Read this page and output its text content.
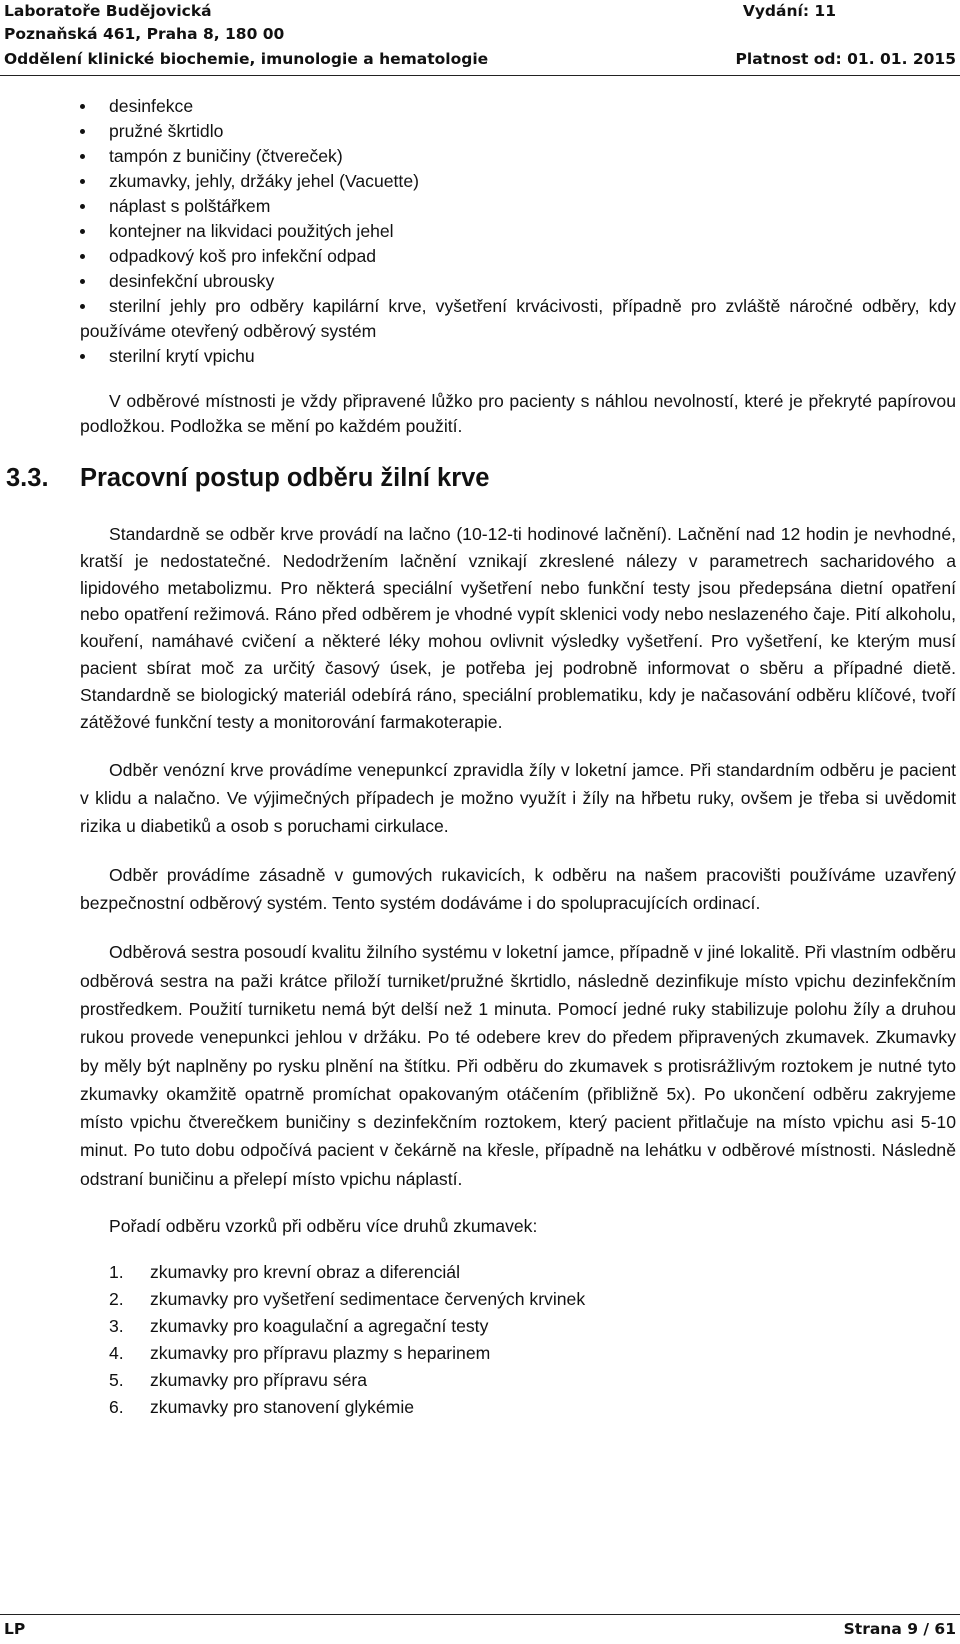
Laboratoře Budějovická	Vydání: 11
Poznaňská 461, Praha 8, 180 00
Oddělení klinické biochemie, imunologie a hematologie	Platnost od: 01. 01. 2015
desinfekce
pružné škrtidlo
tampón z buničiny (čtvereček)
zkumavky, jehly, držáky jehel (Vacuette)
náplast s polštářkem
kontejner na likvidaci použitých jehel
odpadkový koš pro infekční odpad
desinfekční ubrousky
sterilní jehly pro odběry kapilární krve, vyšetření krvácivosti, případně pro zvláště náročné odběry, kdy používáme otevřený odběrový systém
sterilní krytí vpichu

V odběrové místnosti je vždy připravené lůžko pro pacienty s náhlou nevolností, které je překryté papírovou podložkou. Podložka se mění po každém použití.

3.3. Pracovní postup odběru žilní krve

Standardně se odběr krve provádí na lačno (10-12-ti hodinové lačnění). Lačnění nad 12 hodin je nevhodné, kratší je nedostatečné. Nedodržením lačnění vznikají zkreslené nálezy v parametrech sacharidového a lipidového metabolizmu. Pro některá speciální vyšetření nebo funkční testy jsou předepsána dietní opatření nebo opatření režimová. Ráno před odběrem je vhodné vypít sklenici vody nebo neslazeného čaje. Pití alkoholu, kouření, namáhavé cvičení a některé léky mohou ovlivnit výsledky vyšetření. Pro vyšetření, ke kterým musí pacient sbírat moč za určitý časový úsek, je potřeba jej podrobně informovat o sběru a případné dietě. Standardně se biologický materiál odebírá ráno, speciální problematiku, kdy je načasování odběru klíčové, tvoří zátěžové funkční testy a monitorování farmakoterapie.

Odběr venózní krve provádíme venepunkcí zpravidla žíly v loketní jamce. Při standardním odběru je pacient v klidu a nalačno. Ve výjimečných případech je možno využít i žíly na hřbetu ruky, ovšem je třeba si uvědomit rizika u diabetiků a osob s poruchami cirkulace.

Odběr provádíme zásadně v gumových rukavicích, k odběru na našem pracovišti používáme uzavřený bezpečnostní odběrový systém. Tento systém dodáváme i do spolupracujících ordinací.

Odběrová sestra posoudí kvalitu žilního systému v loketní jamce, případně v jiné lokalitě. Při vlastním odběru odběrová sestra na paži krátce přiloží turniket/pružné škrtidlo, následně dezinfikuje místo vpichu dezinfekčním prostředkem. Použití turniketu nemá být delší než 1 minuta. Pomocí jedné ruky stabilizuje polohu žíly a druhou rukou provede venepunkci jehlou v držáku. Po té odebere krev do předem připravených zkumavek. Zkumavky by měly být naplněny po rysku plnění na štítku. Při odběru do zkumavek s protisrážlivým roztokem je nutné tyto zkumavky okamžitě opatrně promíchat opakovaným otáčením (přibližně 5x). Po ukončení odběru zakryjeme místo vpichu čtverečkem buničiny s dezinfekčním roztokem, který pacient přitlačuje na místo vpichu asi 5-10 minut. Po tuto dobu odpočívá pacient v čekárně na křesle, případně na lehátku v odběrové místnosti. Následně odstraní buničinu a přelepí místo vpichu náplastí.

Pořadí odběru vzorků při odběru více druhů zkumavek:

1. zkumavky pro krevní obraz a diferenciál
2. zkumavky pro vyšetření sedimentace červených krvinek
3. zkumavky pro koagulační a agregační testy
4. zkumavky pro přípravu plazmy s heparinem
5. zkumavky pro přípravu séra
6. zkumavky pro stanovení glykémie
LP	Strana 9 / 61
